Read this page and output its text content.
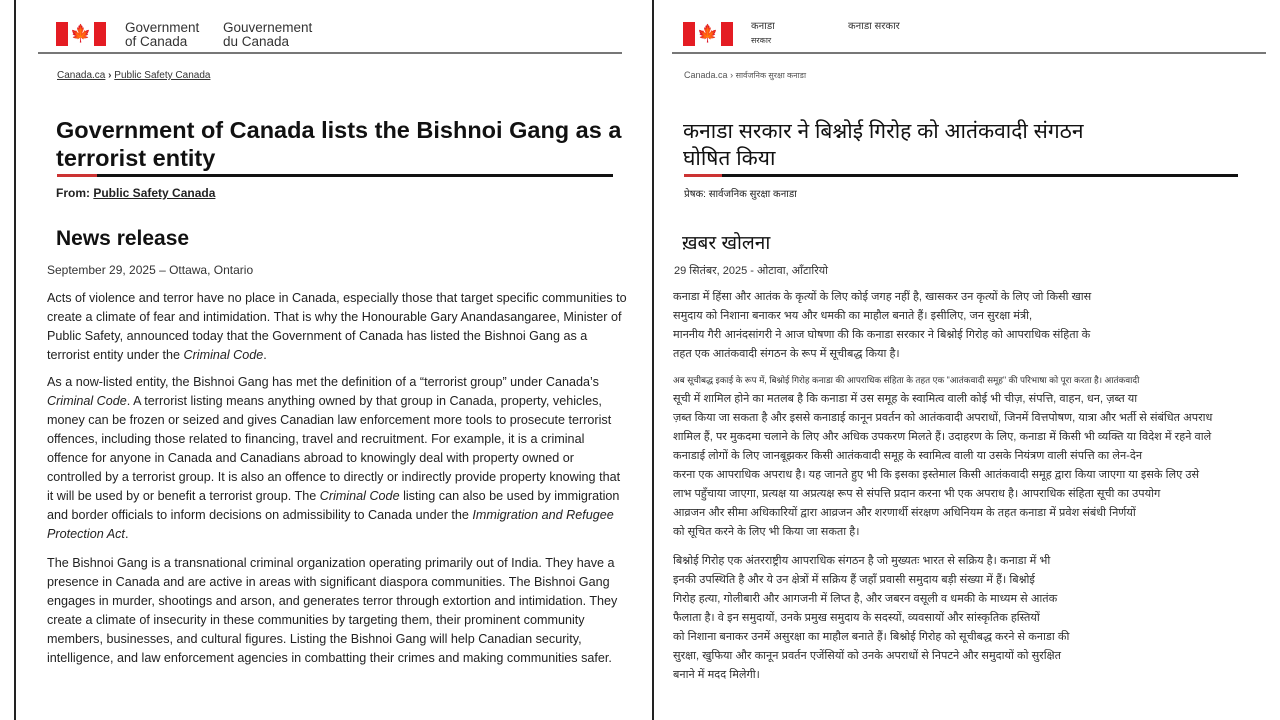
🍁 Government
of Canada
Gouvernement
du Canada
Canada.ca › Public Safety Canada
Government of Canada lists the Bishnoi Gang as a
terrorist entity
From: Public Safety Canada
News release
September 29, 2025 – Ottawa, Ontario
Acts of violence and terror have no place in Canada, especially those that target specific communities to create a climate of fear and intimidation. That is why the Honourable Gary Anandasangaree, Minister of Public Safety, announced today that the Government of Canada has listed the Bishnoi Gang as a terrorist entity under the Criminal Code.
As a now-listed entity, the Bishnoi Gang has met the definition of a “terrorist group” under Canada’s Criminal Code. A terrorist listing means anything owned by that group in Canada, property, vehicles, money can be frozen or seized and gives Canadian law enforcement more tools to prosecute terrorist offences, including those related to financing, travel and recruitment. For example, it is a criminal offence for anyone in Canada and Canadians abroad to knowingly deal with property owned or controlled by a terrorist group. It is also an offence to directly or indirectly provide property knowing that it will be used by or benefit a terrorist group. The Criminal Code listing can also be used by immigration and border officials to inform decisions on admissibility to Canada under the Immigration and Refugee Protection Act.
The Bishnoi Gang is a transnational criminal organization operating primarily out of India. They have a presence in Canada and are active in areas with significant diaspora communities. The Bishnoi Gang engages in murder, shootings and arson, and generates terror through extortion and intimidation. They create a climate of insecurity in these communities by targeting them, their prominent community members, businesses, and cultural figures. Listing the Bishnoi Gang will help Canadian security, intelligence, and law enforcement agencies in combatting their crimes and making communities safer.
🍁	कनाडा
सरकार
कनाडा सरकार
Canada.ca › सार्वजनिक सुरक्षा कनाडा
कनाडा सरकार ने बिश्नोई गिरोह को आतंकवादी संगठन
घोषित किया
प्रेषक: सार्वजनिक सुरक्षा कनाडा
ख़बर खोलना
29 सितंबर, 2025 - ओटावा, ऑंटारियो
कनाडा में हिंसा और आतंक के कृत्यों के लिए कोई जगह नहीं है, खासकर उन कृत्यों के लिए जो किसी खास
समुदाय को निशाना बनाकर भय और धमकी का माहौल बनाते हैं। इसीलिए, जन सुरक्षा मंत्री,
माननीय गैरी आनंदसांगरी ने आज घोषणा की कि कनाडा सरकार ने बिश्नोई गिरोह को आपराधिक संहिता के
तहत एक आतंकवादी संगठन के रूप में सूचीबद्ध किया है।
अब सूचीबद्ध इकाई के रूप में, बिश्नोई गिरोह कनाडा की आपराधिक संहिता के तहत एक "आतंकवादी समूह" की परिभाषा को पूरा करता है। आतंकवादी
सूची में शामिल होने का मतलब है कि कनाडा में उस समूह के स्वामित्व वाली कोई भी चीज़, संपत्ति, वाहन, धन, ज़ब्त या
ज़ब्त किया जा सकता है और इससे कनाडाई कानून प्रवर्तन को आतंकवादी अपराधों, जिनमें वित्तपोषण, यात्रा और भर्ती से संबंधित अपराध
शामिल हैं, पर मुकदमा चलाने के लिए और अधिक उपकरण मिलते हैं। उदाहरण के लिए, कनाडा में किसी भी व्यक्ति या विदेश में रहने वाले
कनाडाई लोगों के लिए जानबूझकर किसी आतंकवादी समूह के स्वामित्व वाली या उसके नियंत्रण वाली संपत्ति का लेन-देन
करना एक आपराधिक अपराध है। यह जानते हुए भी कि इसका इस्तेमाल किसी आतंकवादी समूह द्वारा किया जाएगा या इसके लिए उसे
लाभ पहुँचाया जाएगा, प्रत्यक्ष या अप्रत्यक्ष रूप से संपत्ति प्रदान करना भी एक अपराध है। आपराधिक संहिता सूची का उपयोग
आव्रजन और सीमा अधिकारियों द्वारा आव्रजन और शरणार्थी संरक्षण अधिनियम के तहत कनाडा में प्रवेश संबंधी निर्णयों
को सूचित करने के लिए भी किया जा सकता है।
बिश्नोई गिरोह एक अंतरराष्ट्रीय आपराधिक संगठन है जो मुख्यतः भारत से सक्रिय है। कनाडा में भी
इनकी उपस्थिति है और ये उन क्षेत्रों में सक्रिय हैं जहाँ प्रवासी समुदाय बड़ी संख्या में हैं। बिश्नोई
गिरोह हत्या, गोलीबारी और आगजनी में लिप्त है, और जबरन वसूली व धमकी के माध्यम से आतंक
फैलाता है। वे इन समुदायों, उनके प्रमुख समुदाय के सदस्यों, व्यवसायों और सांस्कृतिक हस्तियों
को निशाना बनाकर उनमें असुरक्षा का माहौल बनाते हैं। बिश्नोई गिरोह को सूचीबद्ध करने से कनाडा की
सुरक्षा, खुफिया और कानून प्रवर्तन एजेंसियों को उनके अपराधों से निपटने और समुदायों को सुरक्षित
बनाने में मदद मिलेगी।
